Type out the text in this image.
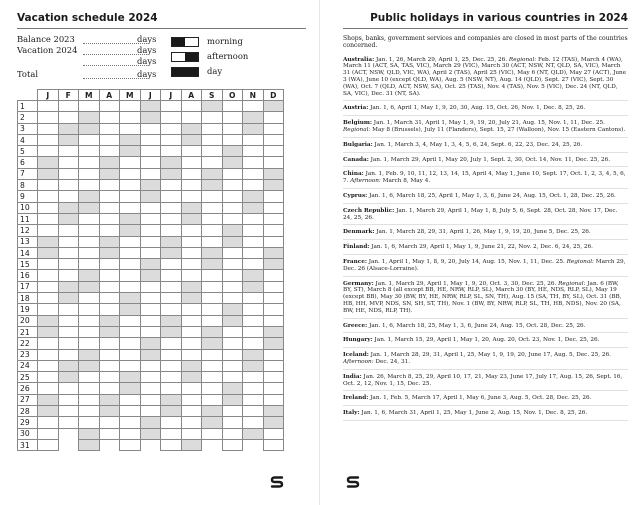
Vacation schedule 2024
Balance 2023	days
Vacation 2024	days
days
Total	days
morning
afternoon
day
	J	F	M	A	M	J	J	A	S	O	N	D
1												
2												
3												
4												
5												
6												
7												
8												
9												
10												
11												
12												
13												
14												
15												
16												
17												
18												
19												
20												
21												
22												
23												
24												
25												
26												
27												
28												
29												
30												
31												
Public holidays in various countries in 2024
Shops, banks, government services and companies are closed in most parts of the countries concerned.

Australia: Jan. 1, 26, March 29, April 1, 25, Dec. 25, 26. Regional: Feb. 12 (TAS), March 4 (WA), March 11 (ACT, SA, TAS, VIC), March 29 (VIC), March 30 (ACT, NSW, NT, QLD, SA, VIC), March 31 (ACT, NSW, QLD, VIC, WA), April 2 (TAS), April 25 (VIC), May 6 (NT, QLD), May 27 (ACT), June 3 (WA), June 10 (except QLD, WA), Aug. 5 (NSW, NT), Aug. 14 (QLD), Sept. 27 (VIC), Sept. 30 (WA), Oct. 7 (QLD, ACT, NSW, SA), Oct. 25 (TAS), Nov. 4 (TAS), Nov. 5 (VIC), Dec. 24 (NT, QLD, SA, VIC), Dec. 31 (NT, SA).

Austria: Jan. 1, 6, April 1, May 1, 9, 20, 30, Aug. 15, Oct. 26, Nov. 1, Dec. 8, 25, 26.

Belgium: Jan. 1, March 31, April 1, May 1, 9, 19, 20, July 21, Aug. 15, Nov. 1, 11, Dec. 25. Regional: May 8 (Brussels), July 11 (Flanders), Sept. 15, 27 (Walloon), Nov. 15 (Eastern Cantons).

Bulgaria: Jan. 1, March 3, 4, May 1, 3, 4, 5, 6, 24, Sept. 6, 22, 23, Dec. 24, 25, 26.

Canada: Jan. 1, March 29, April 1, May 20, July 1, Sept. 2, 30, Oct. 14, Nov. 11, Dec. 25, 26.

China: Jan. 1, Feb. 9, 10, 11, 12, 13, 14, 15, April 4, May 1, June 10, Sept. 17, Oct. 1, 2, 3, 4, 5, 6, 7. Afternoon: March 8, May 4.

Cyprus: Jan. 1, 6, March 18, 25, April 1, May 1, 3, 6, June 24, Aug. 15, Oct. 1, 28, Dec. 25, 26.

Czech Republic: Jan. 1, March 29, April 1, May 1, 8, July 5, 6, Sept. 28, Oct. 28, Nov. 17, Dec. 24, 25, 26.

Denmark: Jan. 1, March 28, 29, 31, April 1, 26, May 1, 9, 19, 20, June 5, Dec. 25, 26.

Finland: Jan. 1, 6, March 29, April 1, May 1, 9, June 21, 22, Nov. 2, Dec. 6, 24, 25, 26.

France: Jan. 1, April 1, May 1, 8, 9, 20, July 14, Aug. 15, Nov. 1, 11, Dec. 25. Regional: March 29, Dec. 26 (Alsace-Lorraine).

Germany: Jan. 1, March 29, April 1, May 1, 9, 20, Oct. 3, 30, Dec. 25, 26. Regional: Jan. 6 (BW, BY, ST), March 8 (all except BB, HE, NRW, RLP, SL), March 30 (BY, HE, NDS, RLP, SL), May 19 (except BB), May 30 (BW, BY, HE, NRW, RLP, SL, SN, TH), Aug. 15 (SA, TH, BY, SL), Oct. 31 (BB, HB, HH, MVP, NDS, SN, SH, ST, TH), Nov. 1 (BW, BY, NRW, RLP, SL, TH, HB, NDS), Nov. 20 (SA, BW, HE, NDS, RLP, TH).

Greece: Jan. 1, 6, March 18, 25, May 1, 3, 6, June 24, Aug. 15, Oct. 28, Dec. 25, 26.

Hungary: Jan. 1, March 15, 29, April 1, May 1, 20, Aug. 20, Oct. 23, Nov. 1, Dec. 25, 26.

Iceland: Jan. 1, March 28, 29, 31, April 1, 25, May 1, 9, 19, 20, June 17, Aug. 5, Dec. 25, 26. Afternoon: Dec. 24, 31.

India: Jan. 26, March 8, 25, 29, April 10, 17, 21, May 23, June 17, July 17, Aug. 15, 26, Sept. 16, Oct. 2, 12, Nov. 1, 15, Dec. 25.

Ireland: Jan. 1, Feb. 5, March 17, April 1, May 6, June 3, Aug. 5, Oct. 28, Dec. 25, 26.

Italy: Jan. 1, 6, March 31, April 1, 25, May 1, June 2, Aug. 15, Nov. 1, Dec. 8, 25, 26.
